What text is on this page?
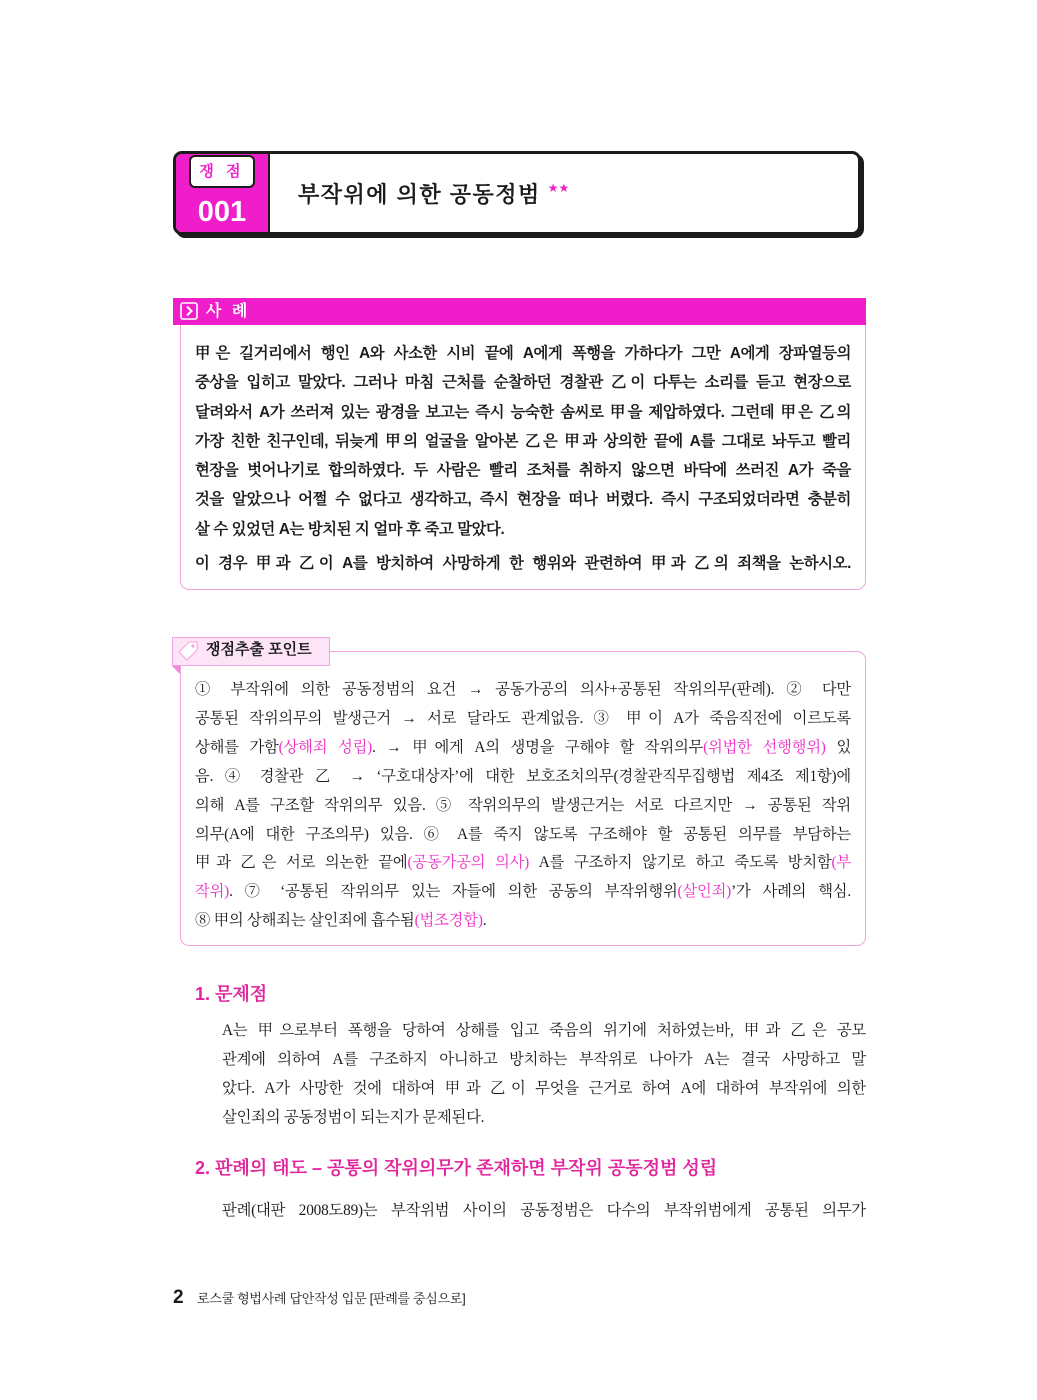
쟁 점
001
부작위에 의한 공동정범 ★★
사 례
甲은 길거리에서 행인 A와 사소한 시비 끝에 A에게 폭행을 가하다가 그만 A에게 장파열등의
중상을 입히고 말았다. 그러나 마침 근처를 순찰하던 경찰관 乙이 다투는 소리를 듣고 현장으로
달려와서 A가 쓰러져 있는 광경을 보고는 즉시 능숙한 솜씨로 甲을 제압하였다. 그런데 甲은 乙의
가장 친한 친구인데, 뒤늦게 甲의 얼굴을 알아본 乙은 甲과 상의한 끝에 A를 그대로 놔두고 빨리
현장을 벗어나기로 합의하였다. 두 사람은 빨리 조처를 취하지 않으면 바닥에 쓰러진 A가 죽을
것을 알았으나 어쩔 수 없다고 생각하고, 즉시 현장을 떠나 버렸다. 즉시 구조되었더라면 충분히
살 수 있었던 A는 방치된 지 얼마 후 죽고 말았다.
이 경우 甲과 乙이 A를 방치하여 사망하게 한 행위와 관련하여 甲과 乙의 죄책을 논하시오.
쟁점추출 포인트
① 부작위에 의한 공동정범의 요건 → 공동가공의 의사+공통된 작위의무(판례). ② 다만
공통된 작위의무의 발생근거 → 서로 달라도 관계없음. ③ 甲이 A가 죽음직전에 이르도록
상해를 가함(상해죄 성립). → 甲에게 A의 생명을 구해야 할 작위의무(위법한 선행행위) 있
음. ④ 경찰관 乙 → ‘구호대상자’에 대한 보호조치의무(경찰관직무집행법 제4조 제1항)에
의해 A를 구조할 작위의무 있음. ⑤ 작위의무의 발생근거는 서로 다르지만 → 공통된 작위
의무(A에 대한 구조의무) 있음. ⑥ A를 죽지 않도록 구조해야 할 공통된 의무를 부담하는
甲과 乙은 서로 의논한 끝에(공동가공의 의사) A를 구조하지 않기로 하고 죽도록 방치함(부
작위). ⑦ ‘공통된 작위의무 있는 자들에 의한 공동의 부작위행위(살인죄)’가 사례의 핵심.
⑧ 甲의 상해죄는 살인죄에 흡수됨(법조경합).
1. 문제점
A는 甲으로부터 폭행을 당하여 상해를 입고 죽음의 위기에 처하였는바, 甲과 乙은 공모
관계에 의하여 A를 구조하지 아니하고 방치하는 부작위로 나아가 A는 결국 사망하고 말
았다. A가 사망한 것에 대하여 甲과 乙이 무엇을 근거로 하여 A에 대하여 부작위에 의한
살인죄의 공동정범이 되는지가 문제된다.
2. 판례의 태도 – 공통의 작위의무가 존재하면 부작위 공동정범 성립
판례(대판 2008도89)는 부작위범 사이의 공동정범은 다수의 부작위범에게 공통된 의무가
2 로스쿨 형법사례 답안작성 입문 [판례를 중심으로]
